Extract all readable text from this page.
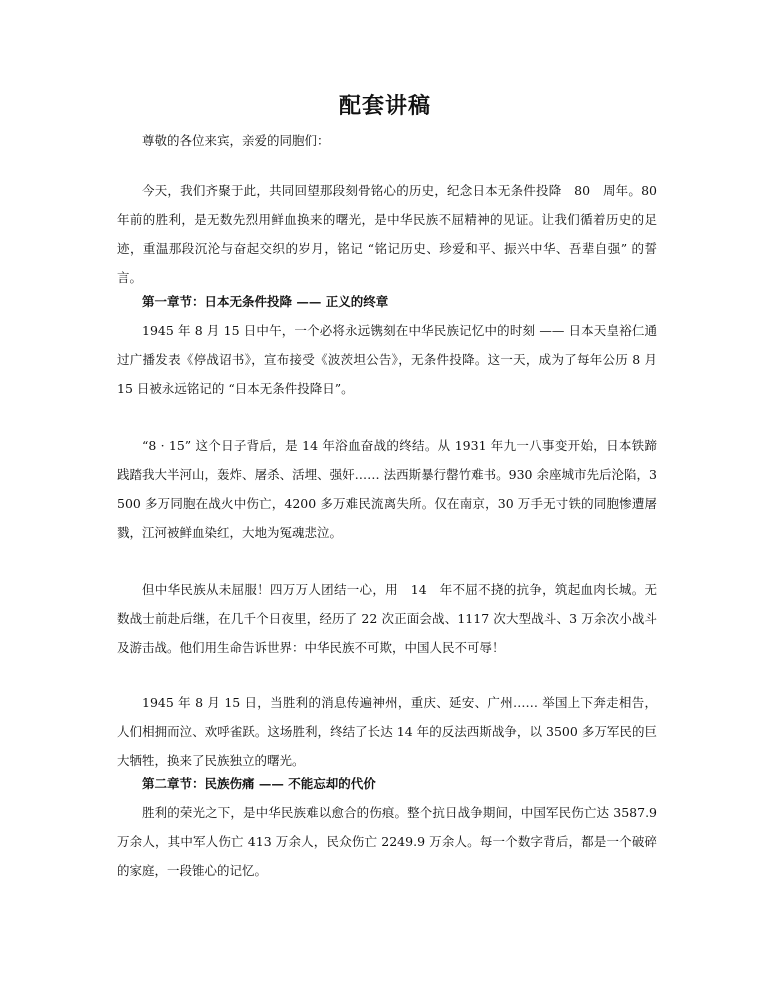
配套讲稿

尊敬的各位来宾，亲爱的同胞们：

今天，我们齐聚于此，共同回望那段刻骨铭心的历史，纪念日本无条件投降　80　周年。80 年前的胜利，是无数先烈用鲜血换来的曙光，是中华民族不屈精神的见证。让我们循着历史的足迹，重温那段沉沦与奋起交织的岁月，铭记 “铭记历史、珍爱和平、振兴中华、吾辈自强” 的誓言。

第一章节：日本无条件投降 —— 正义的终章

1945 年 8 月 15 日中午，一个必将永远镌刻在中华民族记忆中的时刻 —— 日本天皇裕仁通过广播发表《停战诏书》，宣布接受《波茨坦公告》，无条件投降。这一天，成为了每年公历 8 月 15 日被永远铭记的 “日本无条件投降日”。

“8 · 15” 这个日子背后，是 14 年浴血奋战的终结。从 1931 年九一八事变开始，日本铁蹄践踏我大半河山，轰炸、屠杀、活埋、强奸…… 法西斯暴行罄竹难书。930 余座城市先后沦陷，3500 多万同胞在战火中伤亡，4200 多万难民流离失所。仅在南京，30 万手无寸铁的同胞惨遭屠戮，江河被鲜血染红，大地为冤魂悲泣。

但中华民族从未屈服！四万万人团结一心，用　14　年不屈不挠的抗争，筑起血肉长城。无数战士前赴后继，在几千个日夜里，经历了 22 次正面会战、1117 次大型战斗、3 万余次小战斗及游击战。他们用生命告诉世界：中华民族不可欺，中国人民不可辱！

1945 年 8 月 15 日，当胜利的消息传遍神州，重庆、延安、广州…… 举国上下奔走相告，人们相拥而泣、欢呼雀跃。这场胜利，终结了长达 14 年的反法西斯战争，以 3500 多万军民的巨大牺牲，换来了民族独立的曙光。

第二章节：民族伤痛 —— 不能忘却的代价

胜利的荣光之下，是中华民族难以愈合的伤痕。整个抗日战争期间，中国军民伤亡达 3587.9 万余人，其中军人伤亡 413 万余人，民众伤亡 2249.9 万余人。每一个数字背后，都是一个破碎的家庭，一段锥心的记忆。
